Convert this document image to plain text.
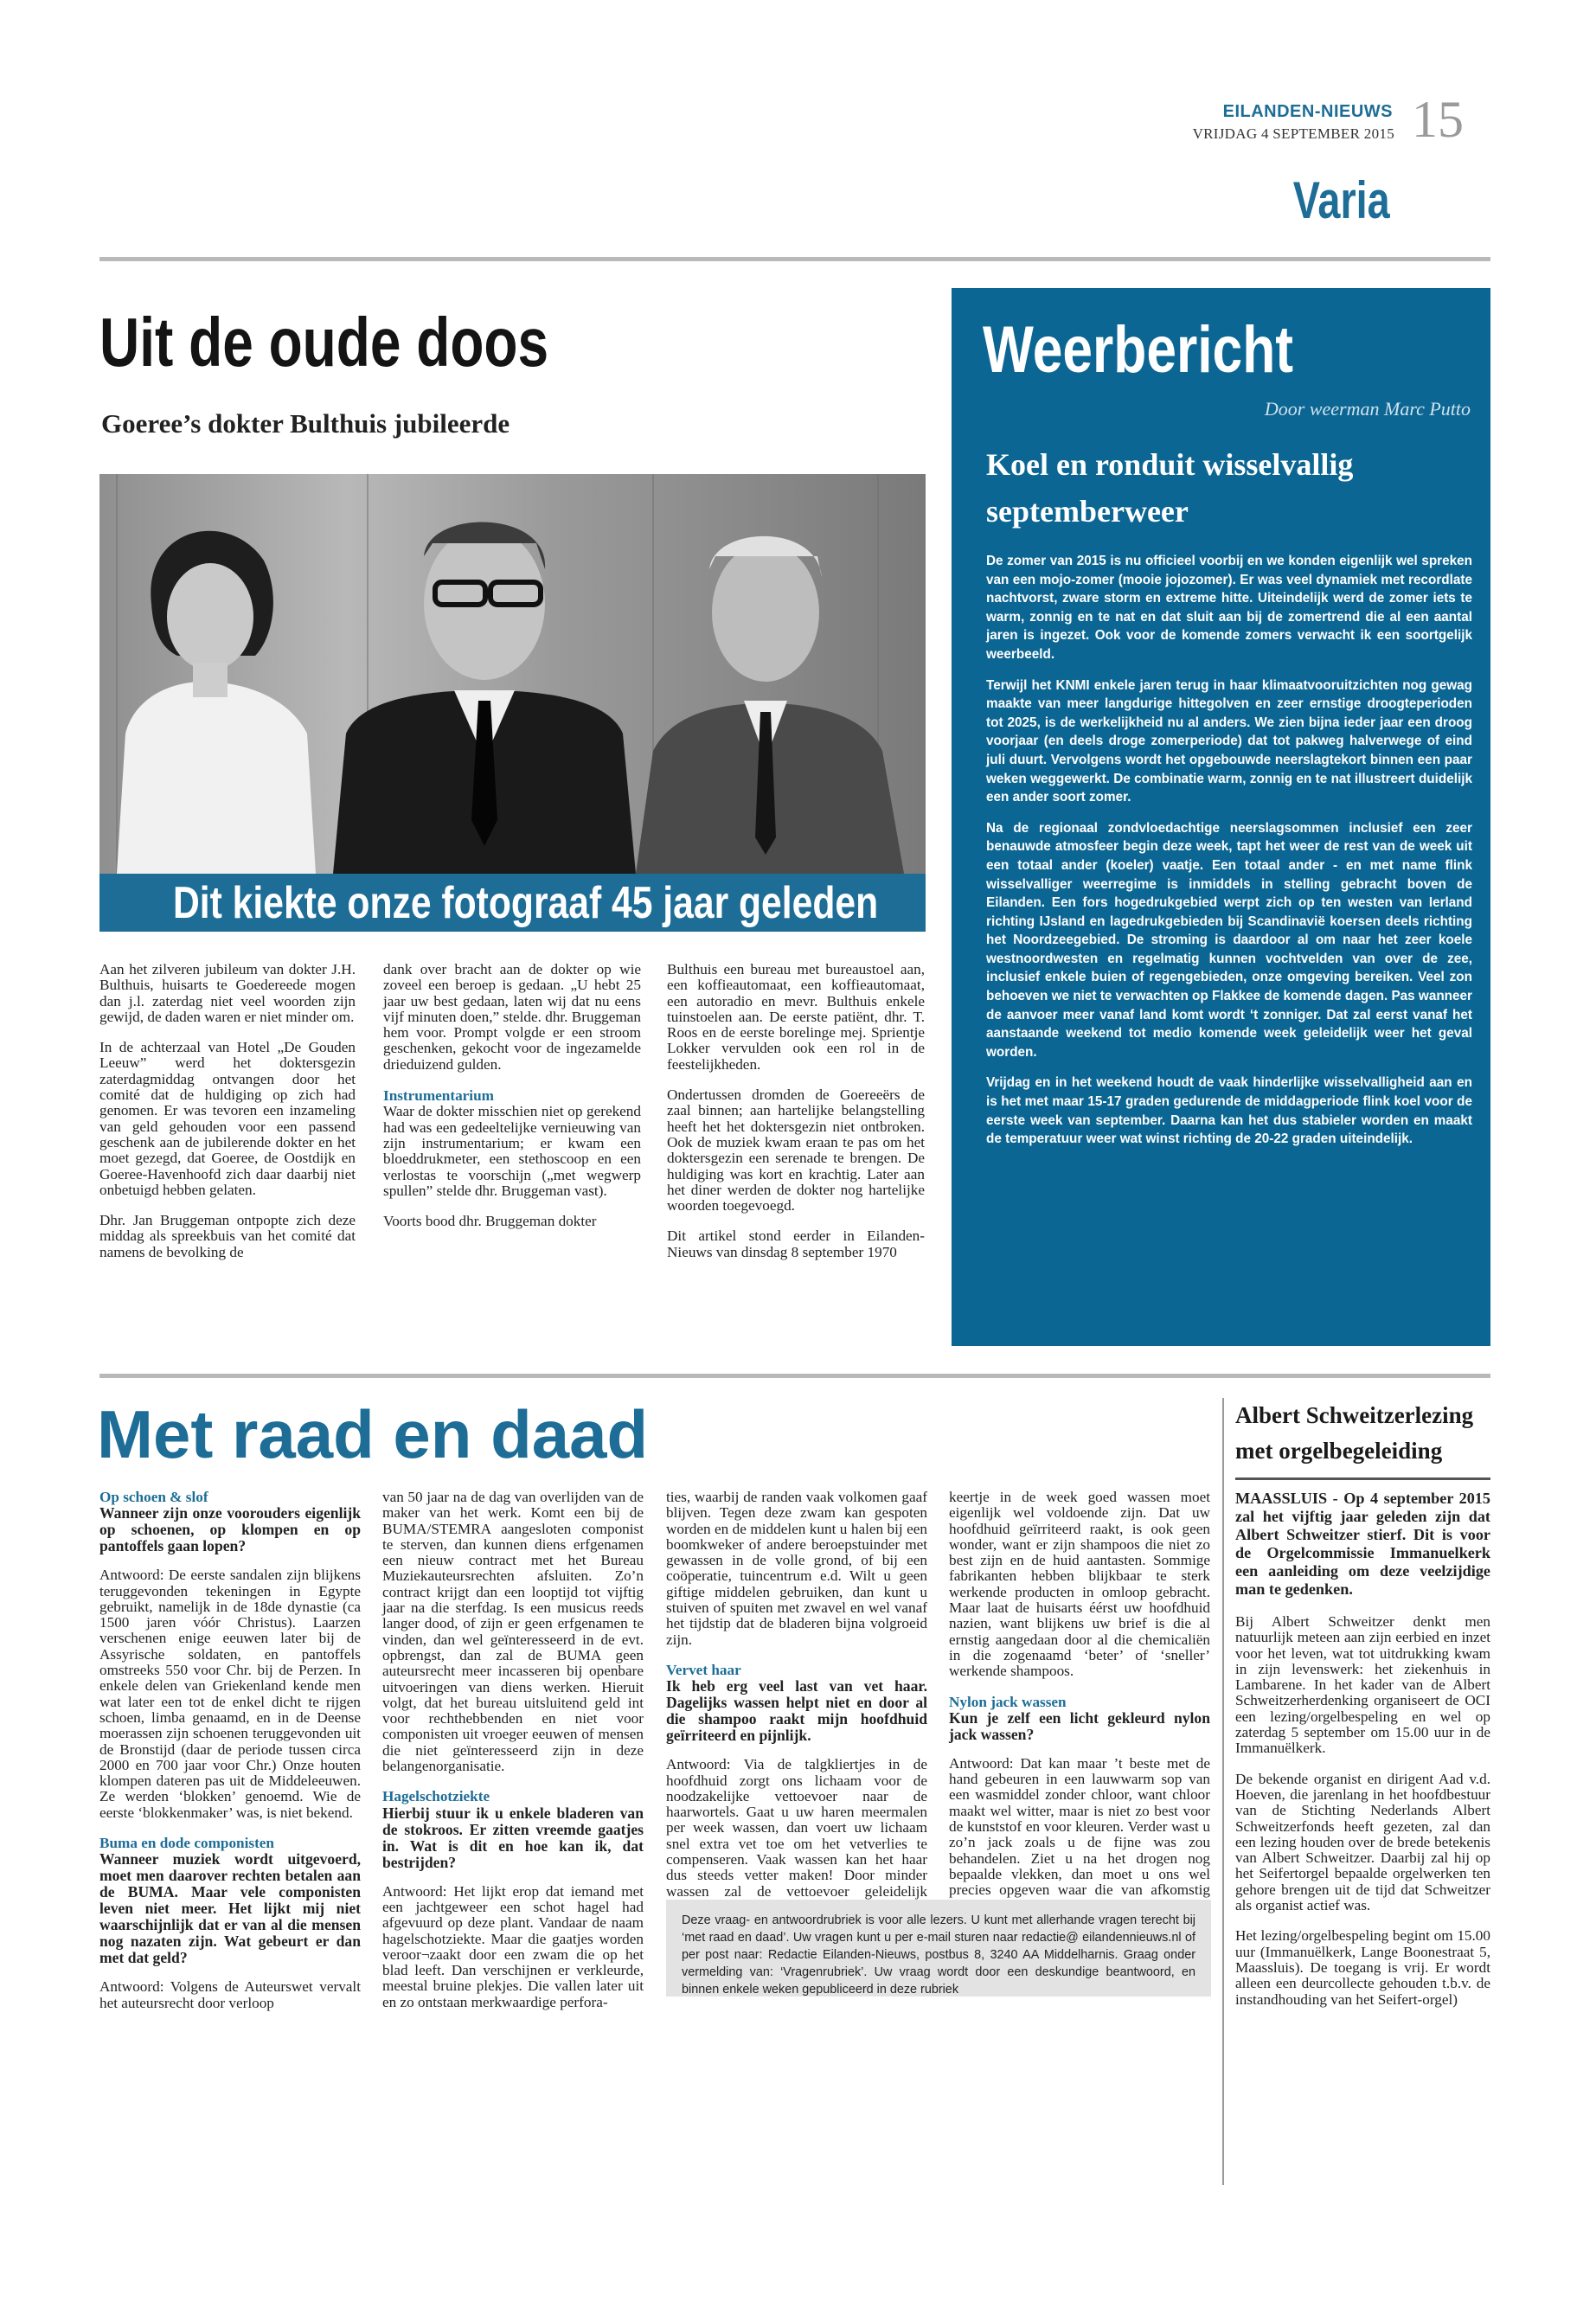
EILANDEN-NIEUWS
VRIJDAG 4 SEPTEMBER 2015 15
Varia
Uit de oude doos
Goeree’s dokter Bulthuis jubileerde
Dit kiekte onze fotograaf 45 jaar geleden

Aan het zilveren jubileum van dokter J.H. Bulthuis, huisarts te Goedereede mogen dan j.l. zaterdag niet veel woorden zijn gewijd, de daden waren er niet minder om.

In de achterzaal van Hotel „De Gouden Leeuw” werd het doktersgezin zaterdagmiddag ontvangen door het comité dat de huldiging op zich had genomen. Er was tevoren een inzameling van geld gehouden voor een passend geschenk aan de jubilerende dokter en het moet gezegd, dat Goeree, de Oostdijk en Goeree-Havenhoofd zich daar daarbij niet onbetuigd hebben gelaten.

Dhr. Jan Bruggeman ontpopte zich deze middag als spreekbuis van het comité dat namens de bevolking de

dank over bracht aan de dokter op wie zoveel een beroep is gedaan. „U hebt 25 jaar uw best gedaan, laten wij dat nu eens vijf minuten doen,” stelde. dhr. Bruggeman hem voor. Prompt volgde er een stroom geschenken, gekocht voor de ingezamelde drieduizend gulden.

Instrumentarium

Waar de dokter misschien niet op gerekend had was een gedeeltelijke vernieuwing van zijn instrumentarium; er kwam een bloeddrukmeter, een stethoscoop en een verlostas te voorschijn („met wegwerp spullen” stelde dhr. Bruggeman vast).

Voorts bood dhr. Bruggeman dokter

Bulthuis een bureau met bureaustoel aan, een koffieautomaat, een koffieautomaat, een autoradio en mevr. Bulthuis enkele tuinstoelen aan. De eerste patiënt, dhr. T. Roos en de eerste borelinge mej. Sprientje Lokker vervulden ook een rol in de feestelijkheden.

Ondertussen dromden de Goereeërs de zaal binnen; aan hartelijke belangstelling heeft het het doktersgezin niet ontbroken. Ook de muziek kwam eraan te pas om het doktersgezin een serenade te brengen. De huldiging was kort en krachtig. Later aan het diner werden de dokter nog hartelijke woorden toegevoegd.

Dit artikel stond eerder in Eilanden-Nieuws van dinsdag 8 september 1970

Weerbericht
Door weerman Marc Putto
Koel en ronduit wisselvallig septemberweer

De zomer van 2015 is nu officieel voorbij en we konden eigenlijk wel spreken van een mojo-zomer (mooie jojozomer). Er was veel dynamiek met recordlate nachtvorst, zware storm en extreme hitte. Uiteindelijk werd de zomer iets te warm, zonnig en te nat en dat sluit aan bij de zomertrend die al een aantal jaren is ingezet. Ook voor de komende zomers verwacht ik een soortgelijk weerbeeld.

Terwijl het KNMI enkele jaren terug in haar klimaatvooruitzichten nog gewag maakte van meer langdurige hittegolven en zeer ernstige droogteperioden tot 2025, is de werkelijkheid nu al anders. We zien bijna ieder jaar een droog voorjaar (en deels droge zomerperiode) dat tot pakweg halverwege of eind juli duurt. Vervolgens wordt het opgebouwde neerslagtekort binnen een paar weken weggewerkt. De combinatie warm, zonnig en te nat illustreert duidelijk een ander soort zomer.

Na de regionaal zondvloedachtige neerslagsommen inclusief een zeer benauwde atmosfeer begin deze week, tapt het weer de rest van de week uit een totaal ander (koeler) vaatje. Een totaal ander - en met name flink wisselvalliger weerregime is inmiddels in stelling gebracht boven de Eilanden. Een fors hogedrukgebied werpt zich op ten westen van Ierland richting IJsland en lagedrukgebieden bij Scandinavië koersen deels richting het Noordzeegebied. De stroming is daardoor al om naar het zeer koele westnoordwesten en regelmatig kunnen vochtvelden van over de zee, inclusief enkele buien of regengebieden, onze omgeving bereiken. Veel zon behoeven we niet te verwachten op Flakkee de komende dagen. Pas wanneer de aanvoer meer vanaf land komt wordt ‘t zonniger. Dat zal eerst vanaf het aanstaande weekend tot medio komende week geleidelijk weer het geval worden.

Vrijdag en in het weekend houdt de vaak hinderlijke wisselvalligheid aan en is het met maar 15-17 graden gedurende de middagperiode flink koel voor de eerste week van september. Daarna kan het dus stabieler worden en maakt de temperatuur weer wat winst richting de 20-22 graden uiteindelijk.

Met raad en daad
Op schoen & slof
Wanneer zijn onze voorouders eigenlijk op schoenen, op klompen en op pantoffels gaan lopen?

Antwoord: De eerste sandalen zijn blijkens teruggevonden tekeningen in Egypte gebruikt, namelijk in de 18de dynastie (ca 1500 jaren vóór Christus). Laarzen verschenen enige eeuwen later bij de Assyrische soldaten, en pantoffels omstreeks 550 voor Chr. bij de Perzen. In enkele delen van Griekenland kende men wat later een tot de enkel dicht te rijgen schoen, limba genaamd, en in de Deense moerassen zijn schoenen teruggevonden uit de Bronstijd (daar de periode tussen circa 2000 en 700 jaar voor Chr.) Onze houten klompen dateren pas uit de Middeleeuwen. Ze werden ‘blokken’ genoemd. Wie de eerste ‘blokkenmaker’ was, is niet bekend.

Buma en dode componisten
Wanneer muziek wordt uitgevoerd, moet men daarover rechten betalen aan de BUMA. Maar vele componisten leven niet meer. Het lijkt mij niet waarschijnlijk dat er van al die mensen nog nazaten zijn. Wat gebeurt er dan met dat geld?

Antwoord: Volgens de Auteurswet vervalt het auteursrecht door verloop

van 50 jaar na de dag van overlijden van de maker van het werk. Komt een bij de BUMA/STEMRA aangesloten componist te sterven, dan kunnen diens erfgenamen een nieuw contract met het Bureau Muziekauteursrechten afsluiten. Zo’n contract krijgt dan een looptijd tot vijftig jaar na die sterfdag. Is een musicus reeds langer dood, of zijn er geen erfgenamen te vinden, dan wel geïnteresseerd in de evt. opbrengst, dan zal de BUMA geen auteursrecht meer incasseren bij openbare uitvoeringen van diens werken. Hieruit volgt, dat het bureau uitsluitend geld int voor rechthebbenden en niet voor componisten uit vroeger eeuwen of mensen die niet geïnteresseerd zijn in deze belangenorganisatie.

Hagelschotziekte
Hierbij stuur ik u enkele bladeren van de stokroos. Er zitten vreemde gaatjes in. Wat is dit en hoe kan ik, dat bestrijden?

Antwoord: Het lijkt erop dat iemand met een jachtgeweer een schot hagel had afgevuurd op deze plant. Vandaar de naam hagelschotziekte. Maar die gaatjes worden veroor¬zaakt door een zwam die op het blad leeft. Dan verschijnen er verkleurde, meestal bruine plekjes. Die vallen later uit en zo ontstaan merkwaardige perfora-

ties, waarbij de randen vaak volkomen gaaf blijven. Tegen deze zwam kan gespoten worden en de middelen kunt u halen bij een boomkweker of andere beroepstuinder met gewassen in de volle grond, of bij een coöperatie, tuincentrum e.d. Wilt u geen giftige middelen gebruiken, dan kunt u stuiven of spuiten met zwavel en wel vanaf het tijdstip dat de bladeren bijna volgroeid zijn.

Vervet haar
Ik heb erg veel last van vet haar. Dagelijks wassen helpt niet en door al die shampoo raakt mijn hoofdhuid geïrriteerd en pijnlijk.

Antwoord: Via de talgkliertjes in de hoofdhuid zorgt ons lichaam voor de noodzakelijke vettoevoer naar de haarwortels. Gaat u uw haren meermalen per week wassen, dan voert uw lichaam snel extra vet toe om het vetverlies te compenseren. Vaak wassen kan het haar dus steeds vetter maken! Door minder wassen zal de vettoevoer geleidelijk

keertje in de week goed wassen moet eigenlijk wel voldoende zijn. Dat uw hoofdhuid geïrriteerd raakt, is ook geen wonder, want er zijn shampoos die niet zo best zijn en de huid aantasten. Sommige fabrikanten hebben blijkbaar te sterk werkende producten in omloop gebracht. Maar laat de huisarts éérst uw hoofdhuid nazien, want blijkens uw brief is die al ernstig aangedaan door al die chemicaliën in die zogenaamd ‘beter’ of ‘sneller’ werkende shampoos.

Nylon jack wassen
Kun je zelf een licht gekleurd nylon jack wassen?

Antwoord: Dat kan maar ’t beste met de hand gebeuren in een lauwwarm sop van een wasmiddel zonder chloor, want chloor maakt wel witter, maar is niet zo best voor de kunststof en voor kleuren. Verder wast u zo’n jack zoals u de fijne was zou behandelen. Ziet u na het drogen nog bepaalde vlekken, dan moet u ons wel precies opgeven waar die van afkomstig

Deze vraag- en antwoordrubriek is voor alle lezers. U kunt met allerhande vragen terecht bij ‘met raad en daad’. Uw vragen kunt u per e-mail sturen naar redactie@ eilandennieuws.nl of per post naar: Redactie Eilanden-Nieuws, postbus 8, 3240 AA Middelharnis. Graag onder vermelding van: ‘Vragenrubriek’. Uw vraag wordt door een deskundige beantwoord, en binnen enkele weken gepubliceerd in deze rubriek
Albert Schweitzerlezing met orgelbegeleiding
MAASSLUIS - Op 4 september 2015 zal het vijftig jaar geleden zijn dat Albert Schweitzer stierf. Dit is voor de Orgelcommissie Immanuelkerk een aanleiding om deze veelzijdige man te gedenken.

Bij Albert Schweitzer denkt men natuurlijk meteen aan zijn eerbied en inzet voor het leven, wat tot uitdrukking kwam in zijn levenswerk: het ziekenhuis in Lambarene. In het kader van de Albert Schweitzerherdenking organiseert de OCI een lezing/orgelbespeling en wel op zaterdag 5 september om 15.00 uur in de Immanuëlkerk.

De bekende organist en dirigent Aad v.d. Hoeven, die jarenlang in het hoofdbestuur van de Stichting Nederlands Albert Schweitzerfonds heeft gezeten, zal dan een lezing houden over de brede betekenis van Albert Schweitzer. Daarbij zal hij op het Seifertorgel bepaalde orgelwerken ten gehore brengen uit de tijd dat Schweitzer als organist actief was.

Het lezing/orgelbespeling begint om 15.00 uur (Immanuëlkerk, Lange Boonestraat 5, Maassluis). De toegang is vrij. Er wordt alleen een deurcollecte gehouden t.b.v. de instandhouding van het Seifert-orgel)
